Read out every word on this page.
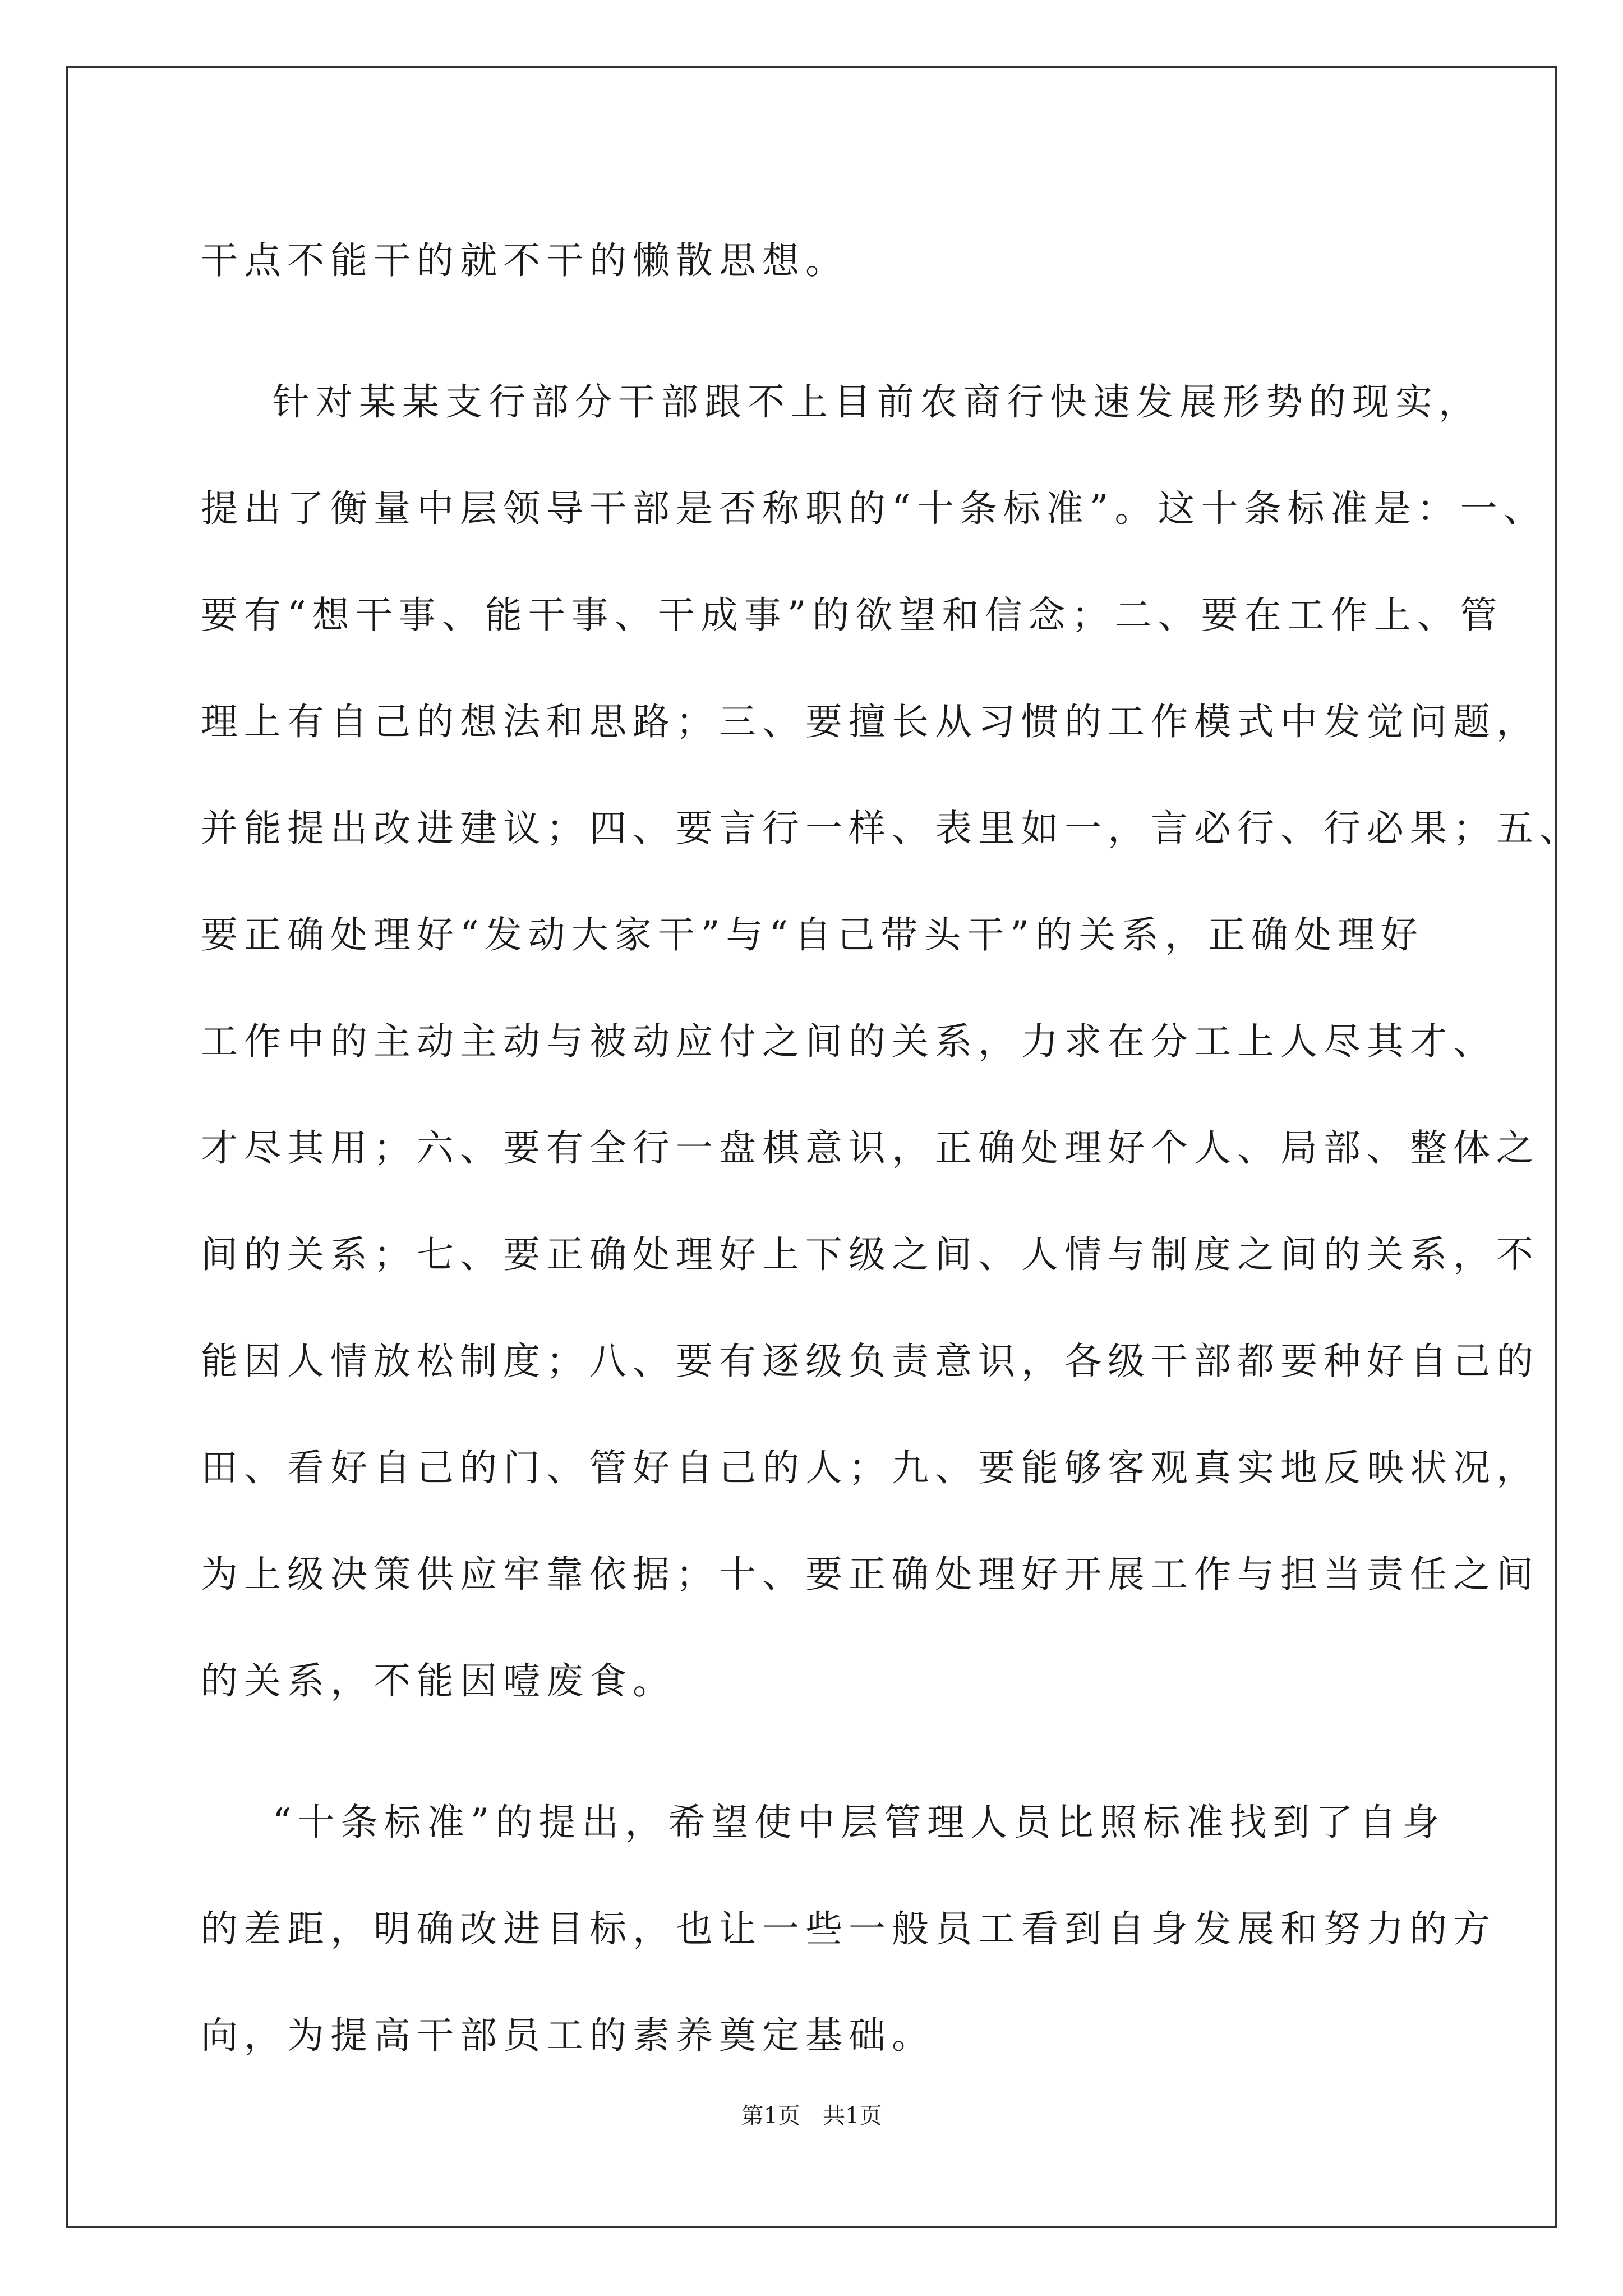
干点不能干的就不干的懒散思想。
针对某某支行部分干部跟不上目前农商行快速发展形势的现实，
提出了衡量中层领导干部是否称职的“十条标准”。这十条标准是：一、
要有“想干事、能干事、干成事”的欲望和信念；二、要在工作上、管
理上有自己的想法和思路；三、要擅长从习惯的工作模式中发觉问题，
并能提出改进建议；四、要言行一样、表里如一，言必行、行必果；五、
要正确处理好“发动大家干”与“自己带头干”的关系，正确处理好
工作中的主动主动与被动应付之间的关系，力求在分工上人尽其才、
才尽其用；六、要有全行一盘棋意识，正确处理好个人、局部、整体之
间的关系；七、要正确处理好上下级之间、人情与制度之间的关系，不
能因人情放松制度；八、要有逐级负责意识，各级干部都要种好自己的
田、看好自己的门、管好自己的人；九、要能够客观真实地反映状况，
为上级决策供应牢靠依据；十、要正确处理好开展工作与担当责任之间
的关系，不能因噎废食。
“十条标准”的提出，希望使中层管理人员比照标准找到了自身
的差距，明确改进目标，也让一些一般员工看到自身发展和努力的方
向，为提高干部员工的素养奠定基础。
第1页　共1页
